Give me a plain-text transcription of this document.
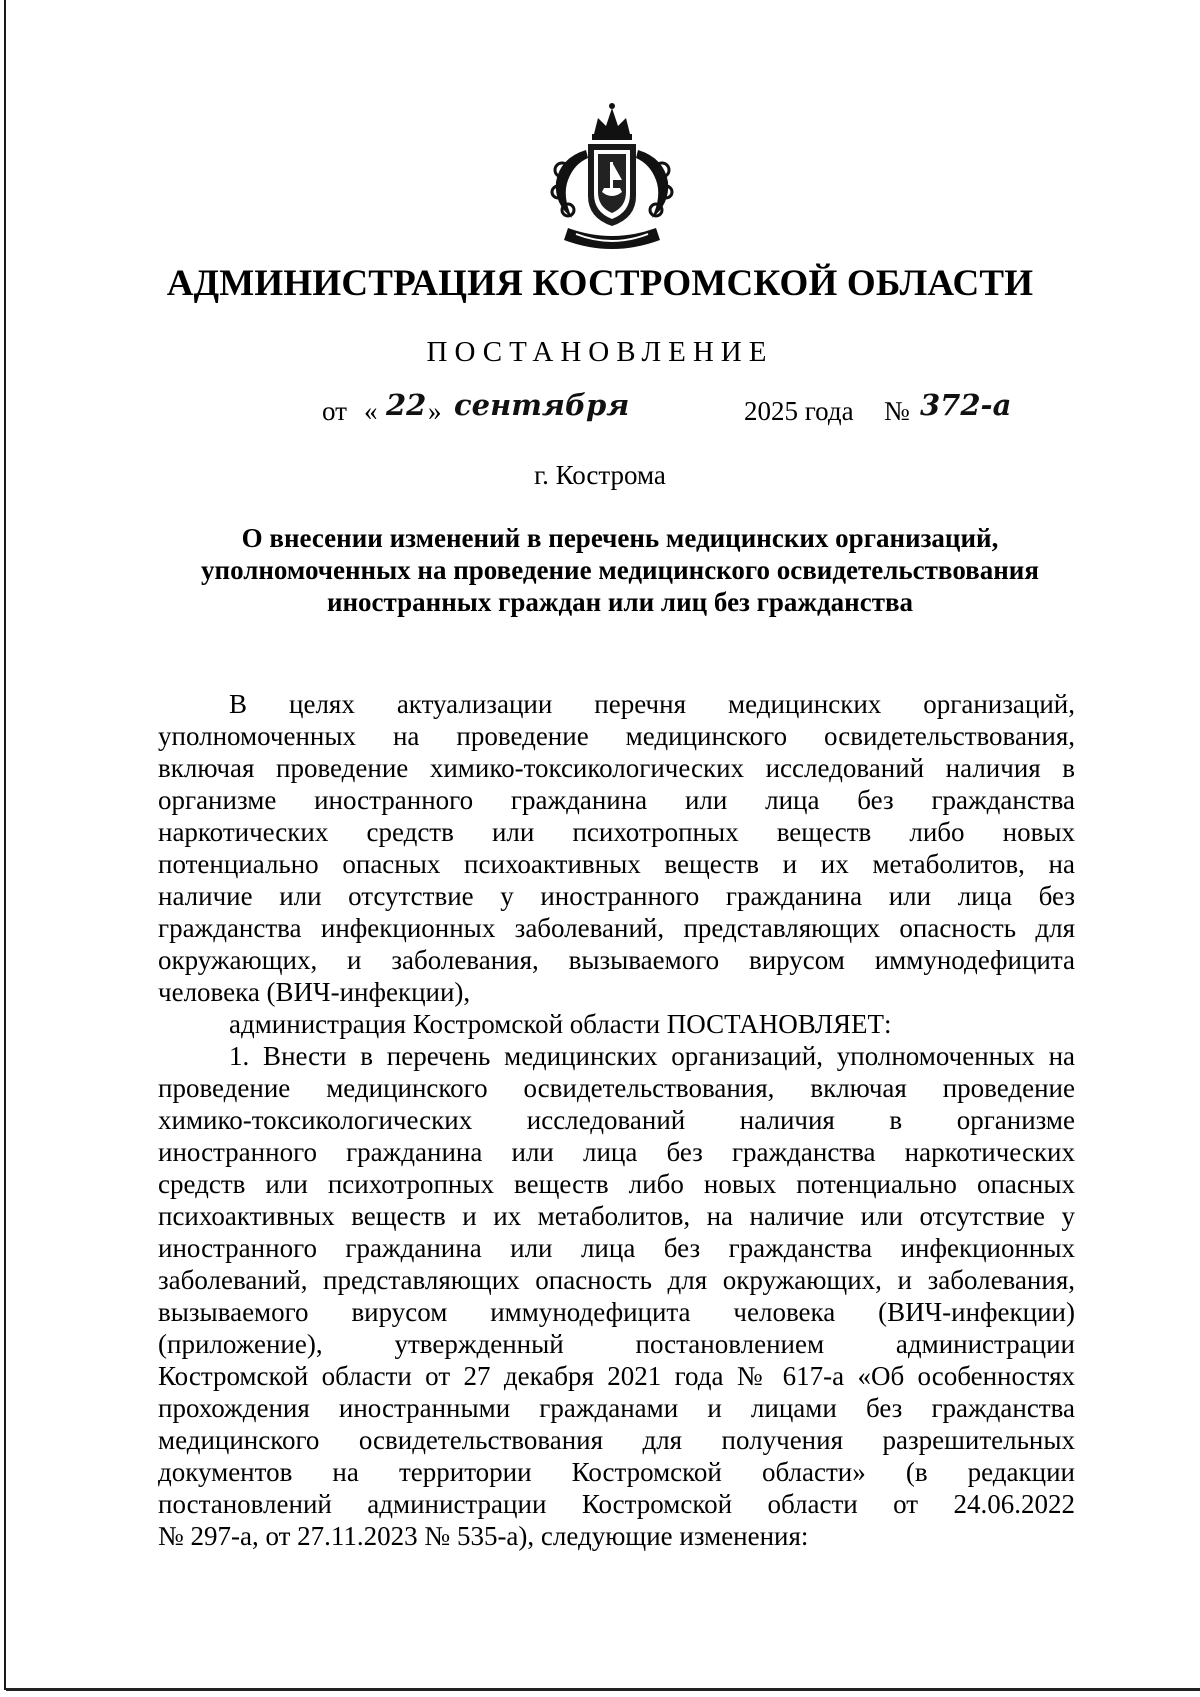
АДМИНИСТРАЦИЯ КОСТРОМСКОЙ ОБЛАСТИ
ПОСТАНОВЛЕНИЕ
от « 22 » сентября	2025 года № 372-а
г. Кострома
О внесении изменений в перечень медицинских организаций,
уполномоченных на проведение медицинского освидетельствования
иностранных граждан или лиц без гражданства
В целях актуализации перечня медицинских организаций,
уполномоченных на проведение медицинского освидетельствования,
включая проведение химико-токсикологических исследований наличия в
организме иностранного гражданина или лица без гражданства
наркотических средств или психотропных веществ либо новых
потенциально опасных психоактивных веществ и их метаболитов, на
наличие или отсутствие у иностранного гражданина или лица без
гражданства инфекционных заболеваний, представляющих опасность для
окружающих, и заболевания, вызываемого вирусом иммунодефицита
человека (ВИЧ-инфекции),
администрация Костромской области ПОСТАНОВЛЯЕТ:
1. Внести в перечень медицинских организаций, уполномоченных на
проведение медицинского освидетельствования, включая проведение
химико-токсикологических исследований наличия в организме
иностранного гражданина или лица без гражданства наркотических
средств или психотропных веществ либо новых потенциально опасных
психоактивных веществ и их метаболитов, на наличие или отсутствие у
иностранного гражданина или лица без гражданства инфекционных
заболеваний, представляющих опасность для окружающих, и заболевания,
вызываемого вирусом иммунодефицита человека (ВИЧ-инфекции)
(приложение), утвержденный постановлением администрации
Костромской области от 27 декабря 2021 года № 617-а «Об особенностях
прохождения иностранными гражданами и лицами без гражданства
медицинского освидетельствования для получения разрешительных
документов на территории Костромской области» (в редакции
постановлений администрации Костромской области от 24.06.2022
№ 297-а, от 27.11.2023 № 535-а), следующие изменения:
